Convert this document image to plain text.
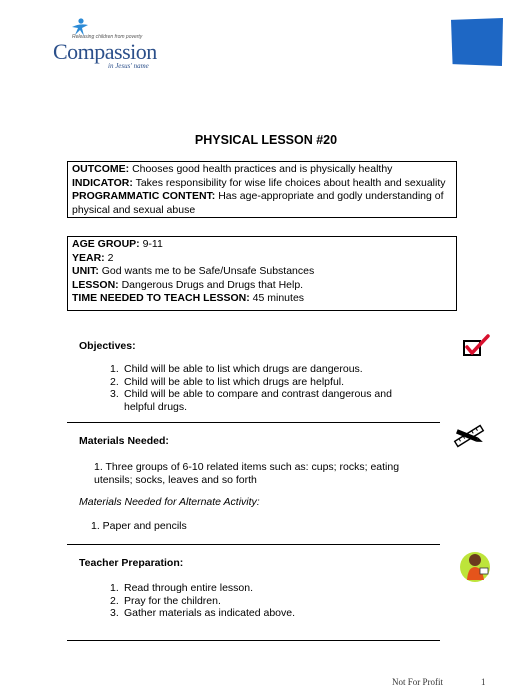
Releasing children from poverty
Compassion
in Jesus' name
PHYSICAL LESSON #20
OUTCOME: Chooses good health practices and is physically healthy
INDICATOR: Takes responsibility for wise life choices about health and sexuality
PROGRAMMATIC CONTENT: Has age-appropriate and godly understanding of physical and sexual abuse
AGE GROUP: 9-11
YEAR: 2
UNIT: God wants me to be Safe/Unsafe Substances
LESSON: Dangerous Drugs and Drugs that Help.
TIME NEEDED TO TEACH LESSON: 45 minutes
Objectives:
1. Child will be able to list which drugs are dangerous.
2. Child will be able to list which drugs are helpful.
3. Child will be able to compare and contrast dangerous and helpful drugs.
Materials Needed:
1. Three groups of 6-10 related items such as: cups; rocks; eating utensils; socks, leaves and so forth
Materials Needed for Alternate Activity:
1. Paper and pencils
Teacher Preparation:
1. Read through entire lesson.
2. Pray for the children.
3. Gather materials as indicated above.
Not For Profit	1
